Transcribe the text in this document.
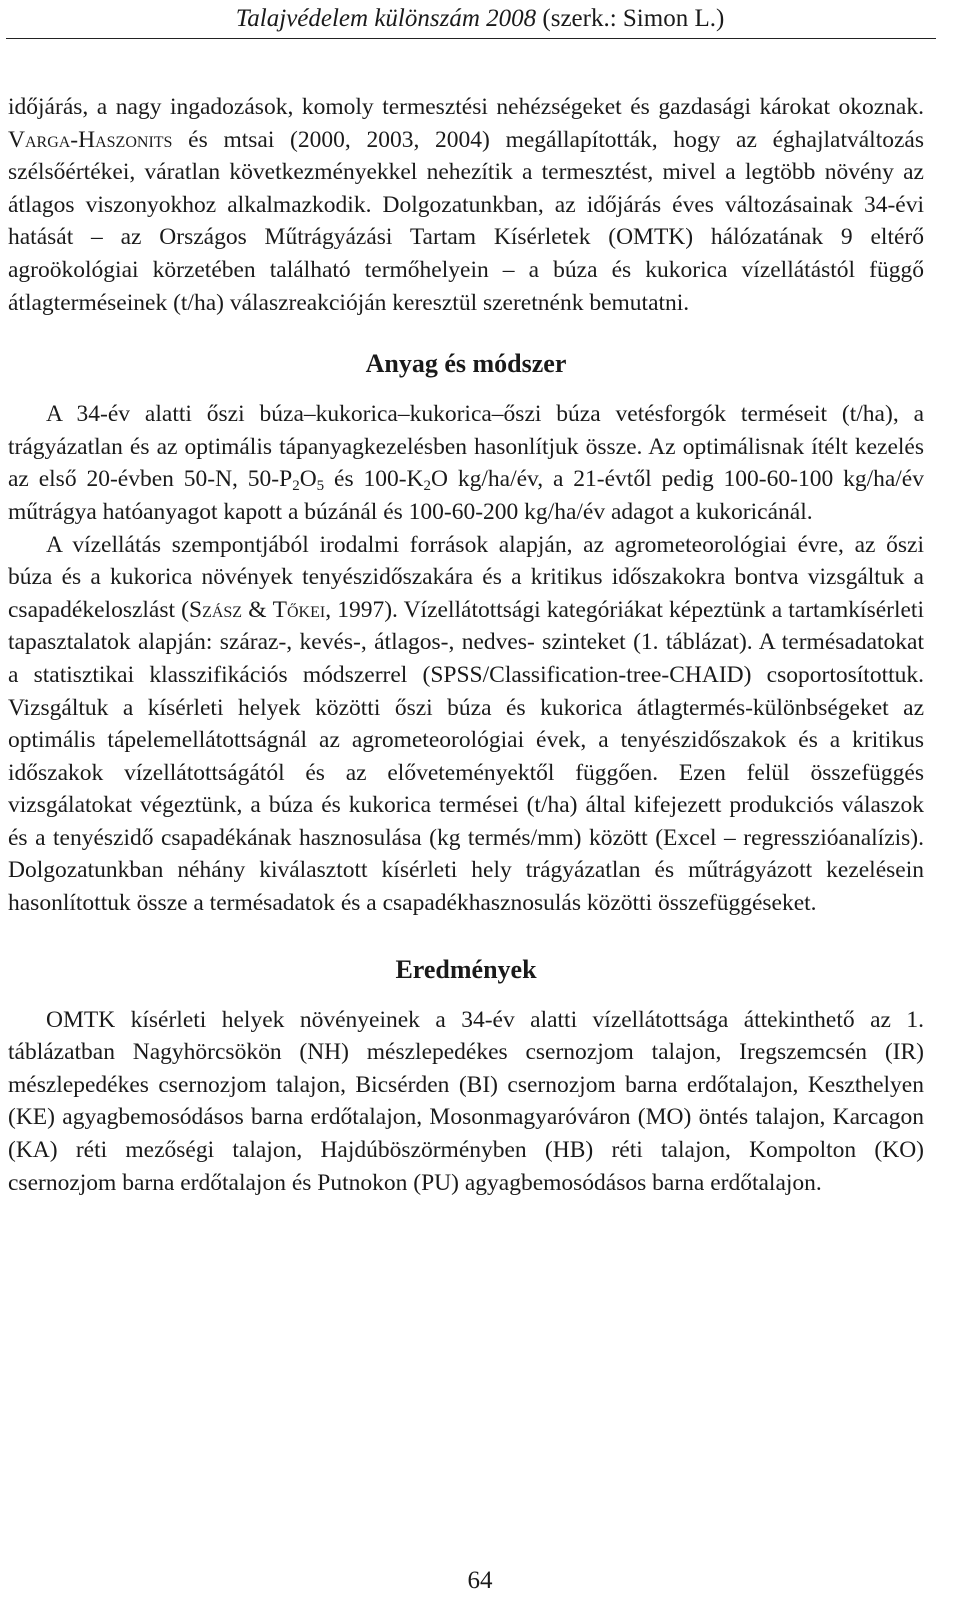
Talajvédelem különszám 2008 (szerk.: Simon L.)

időjárás, a nagy ingadozások, komoly termesztési nehézségeket és gazdasági károkat okoznak. Varga-Haszonits és mtsai (2000, 2003, 2004) megállapították, hogy az éghajlatváltozás szélsőértékei, váratlan következményekkel nehezítik a termesztést, mivel a legtöbb növény az átlagos viszonyokhoz alkalmazkodik. Dolgozatunkban, az időjárás éves változásainak 34-évi hatását – az Országos Műtrágyázási Tartam Kísérletek (OMTK) hálózatának 9 eltérő agroökológiai körzetében található termőhelyein – a búza és kukorica vízellátástól függő átlagterméseinek (t/ha) válaszreakcióján keresztül szeretnénk bemutatni.

Anyag és módszer

A 34-év alatti őszi búza–kukorica–kukorica–őszi búza vetésforgók terméseit (t/ha), a trágyázatlan és az optimális tápanyagkezelésben hasonlítjuk össze. Az optimálisnak ítélt kezelés az első 20-évben 50-N, $50-P_2O_5$ és $100-K_2O$ kg/ha/év, a 21-évtől pedig 100-60-100 kg/ha/év műtrágya hatóanyagot kapott a búzánál és 100-60-200 kg/ha/év adagot a kukoricánál.

A vízellátás szempontjából irodalmi források alapján, az agrometeorológiai évre, az őszi búza és a kukorica növények tenyészidőszakára és a kritikus időszakokra bontva vizsgáltuk a csapadékeloszlást (Szász & Tőkei, 1997). Vízellátottsági kategóriákat képeztünk a tartamkísérleti tapasztalatok alapján: száraz-, kevés-, átlagos-, nedves- szinteket (1. táblázat). A termésadatokat a statisztikai klasszifikációs módszerrel (SPSS/Classification-tree-CHAID) csoportosítottuk. Vizsgáltuk a kísérleti helyek közötti őszi búza és kukorica átlagtermés-különbségeket az optimális tápelemellátottságnál az agrometeorológiai évek, a tenyészidőszakok és a kritikus időszakok vízellátottságától és az előveteményektől függően. Ezen felül összefüggés vizsgálatokat végeztünk, a búza és kukorica termései (t/ha) által kifejezett produkciós válaszok és a tenyészidő csapadékának hasznosulása (kg termés/mm) között (Excel – regresszióanalízis). Dolgozatunkban néhány kiválasztott kísérleti hely trágyázatlan és műtrágyázott kezelésein hasonlítottuk össze a termésadatok és a csapadékhasznosulás közötti összefüggéseket.

Eredmények

OMTK kísérleti helyek növényeinek a 34-év alatti vízellátottsága áttekinthető az 1. táblázatban Nagyhörcsökön (NH) mészlepedékes csernozjom talajon, Iregszemcsén (IR) mészlepedékes csernozjom talajon, Bicsérden (BI) csernozjom barna erdőtalajon, Keszthelyen (KE) agyagbemosódásos barna erdőtalajon, Mosonmagyaróváron (MO) öntés talajon, Karcagon (KA) réti mezőségi talajon, Hajdúböszörményben (HB) réti talajon, Kompolton (KO) csernozjom barna erdőtalajon és Putnokon (PU) agyagbemosódásos barna erdőtalajon.

64
